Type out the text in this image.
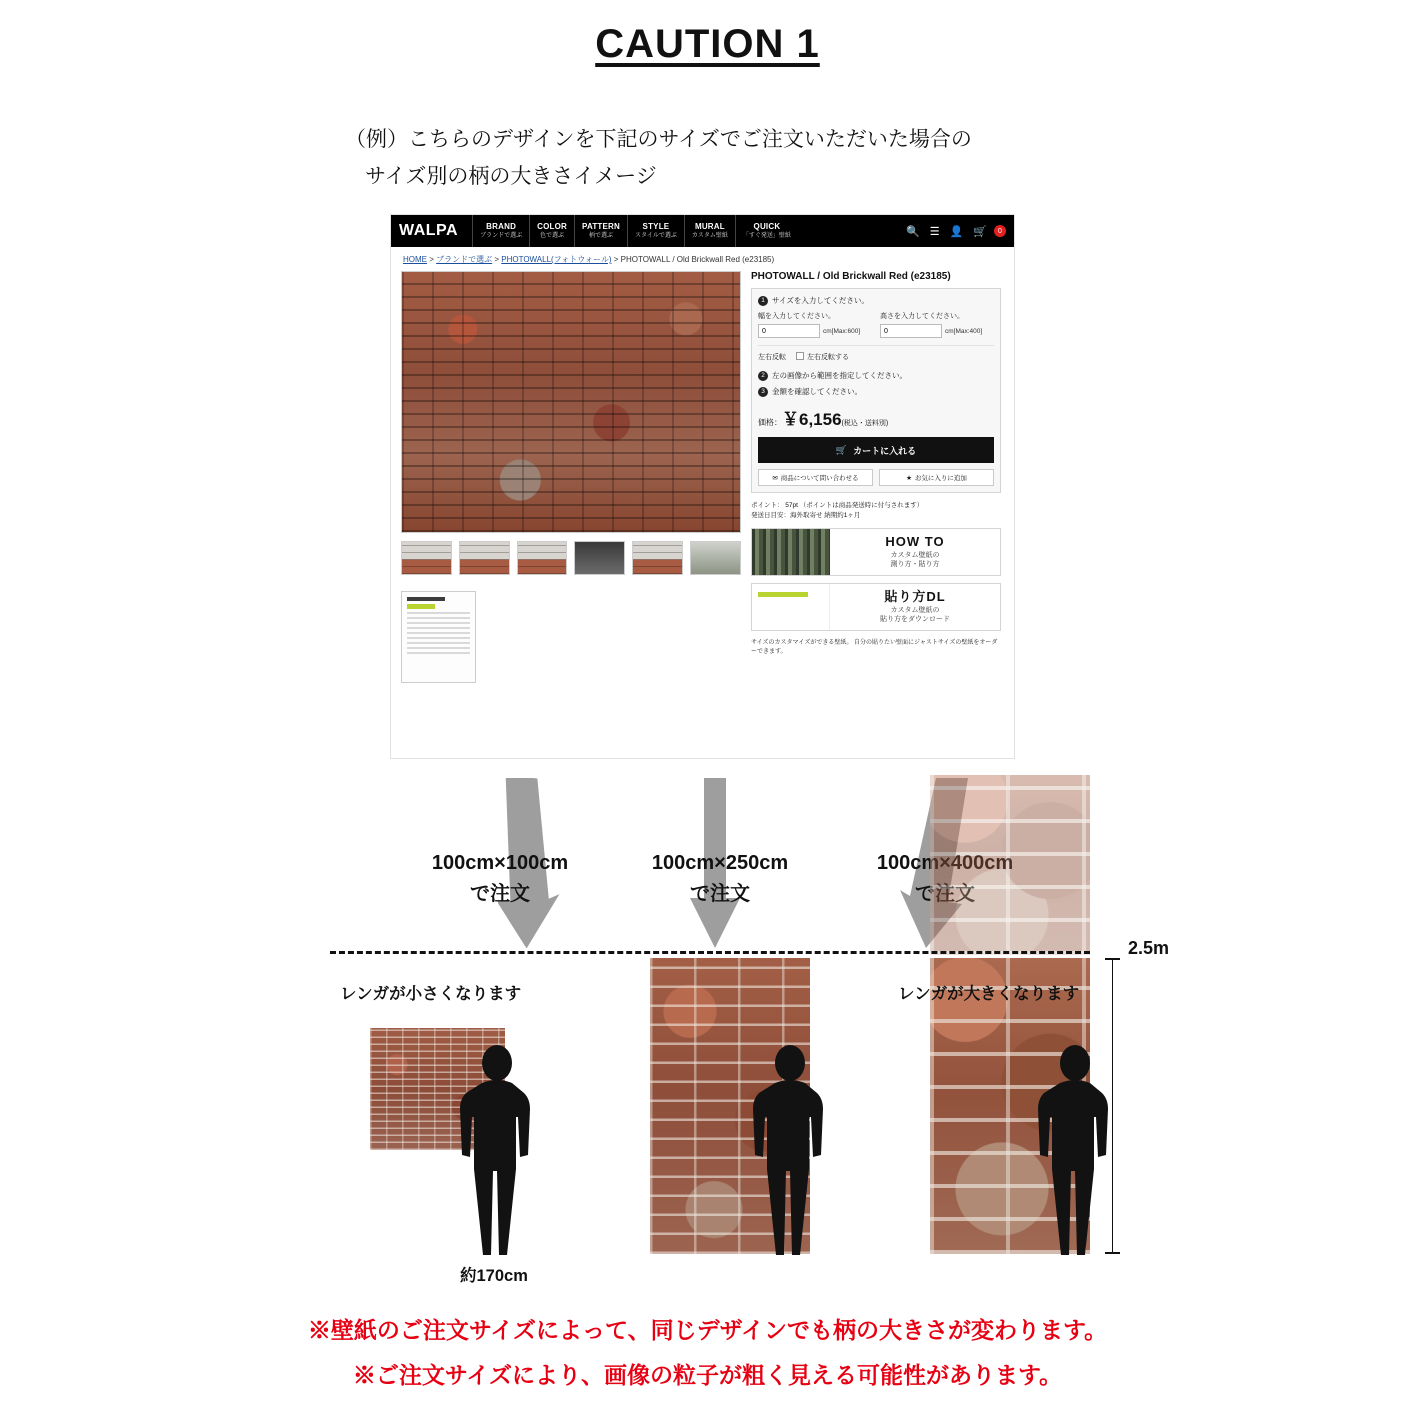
CAUTION 1
（例）こちらのデザインを下記のサイズでご注文いただいた場合の
サイズ別の柄の大きさイメージ
WALPA	BRAND
ブランドで選ぶ
COLOR
色で選ぶ
PATTERN
柄で選ぶ
STYLE
スタイルで選ぶ
MURAL
カスタム壁紙
QUICK
「すぐ発送」壁紙	🔍 ☰ 👤 🛒	0
HOME > ブランドで選ぶ > PHOTOWALL(フォトウォール) > PHOTOWALL / Old Brickwall Red (e23185)
PHOTOWALL / Old Brickwall Red (e23185)
1 サイズを入力してください。
幅を入力してください。
0
cm[Max:600]
高さを入力してください。
0
cm[Max:400]
左右反転	左右反転する
2 左の画像から範囲を指定してください。
3 金額を確認してください。
価格：￥6,156(税込・送料別)
🛒 カートに入れる
✉ 商品について問い合わせる	★ お気に入りに追加
ポイント： 57pt （ポイントは商品発送時に付与されます）
発送日目安：海外取寄せ 納期約1ヶ月
HOW TO
カスタム壁紙の
測り方・貼り方
貼り方DL
カスタム壁紙の
貼り方をダウンロード
サイズのカスタマイズができる壁紙。 自分の貼りたい壁面にジャストサイズの壁紙をオーダーできます。
100cm×100cm
で注文
100cm×250cm
で注文
100cm×400cm
で注文
2.5m
レンガが小さくなります	レンガが大きくなります
約170cm
※壁紙のご注文サイズによって、同じデザインでも柄の大きさが変わります。
※ご注文サイズにより、画像の粒子が粗く見える可能性があります。
